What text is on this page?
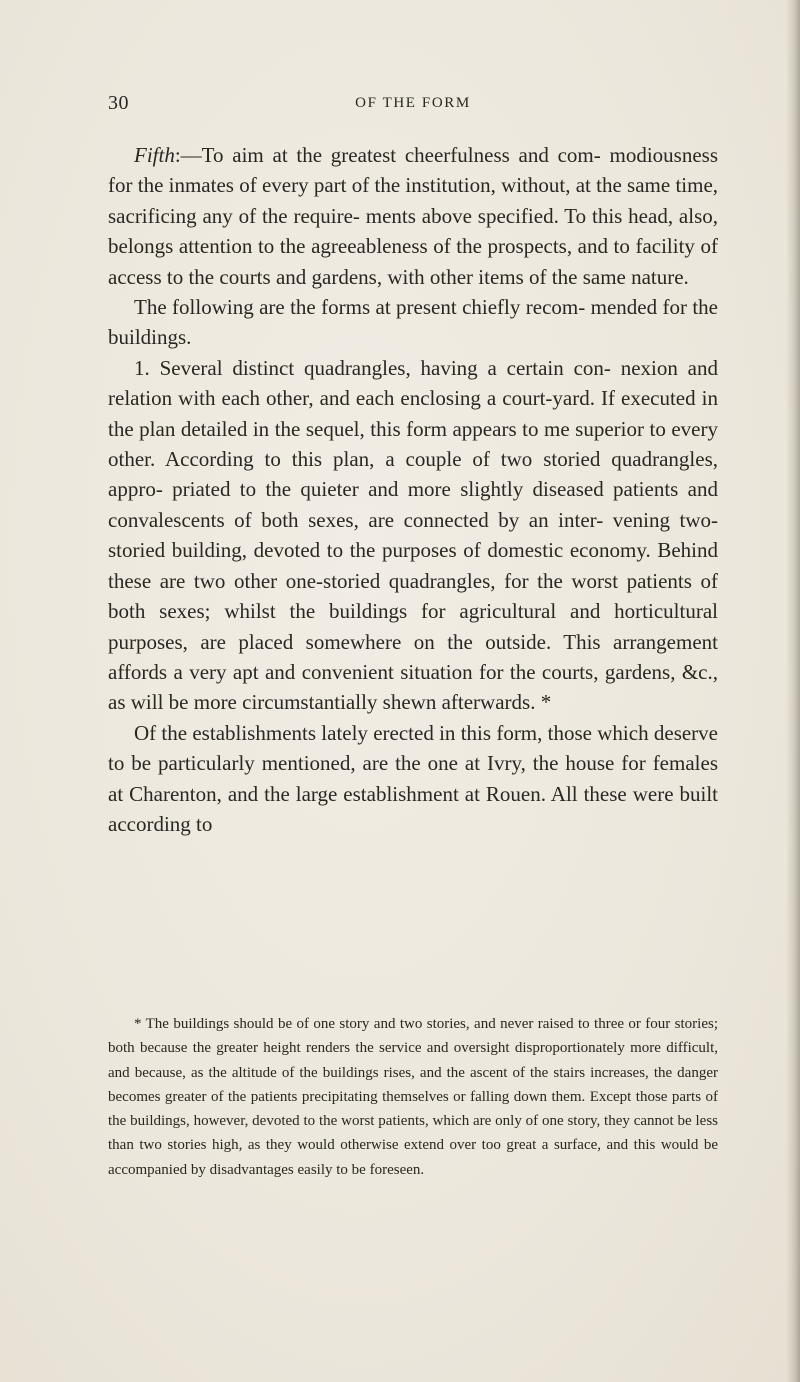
30	OF THE FORM

Fifth:—To aim at the greatest cheerfulness and com- modiousness for the inmates of every part of the institution, without, at the same time, sacrificing any of the require- ments above specified. To this head, also, belongs attention to the agreeableness of the prospects, and to facility of access to the courts and gardens, with other items of the same nature.

The following are the forms at present chiefly recom- mended for the buildings.

1. Several distinct quadrangles, having a certain con- nexion and relation with each other, and each enclosing a court-yard. If executed in the plan detailed in the sequel, this form appears to me superior to every other. According to this plan, a couple of two storied quadrangles, appro- priated to the quieter and more slightly diseased patients and convalescents of both sexes, are connected by an inter- vening two-storied building, devoted to the purposes of domestic economy. Behind these are two other one-storied quadrangles, for the worst patients of both sexes; whilst the buildings for agricultural and horticultural purposes, are placed somewhere on the outside. This arrangement affords a very apt and convenient situation for the courts, gardens, &c., as will be more circumstantially shewn afterwards. *

Of the establishments lately erected in this form, those which deserve to be particularly mentioned, are the one at Ivry, the house for females at Charenton, and the large establishment at Rouen. All these were built according to

* The buildings should be of one story and two stories, and never raised to three or four stories; both because the greater height renders the service and oversight disproportionately more difficult, and because, as the altitude of the buildings rises, and the ascent of the stairs increases, the danger becomes greater of the patients precipitating themselves or falling down them. Except those parts of the buildings, however, devoted to the worst patients, which are only of one story, they cannot be less than two stories high, as they would otherwise extend over too great a surface, and this would be accompanied by disadvantages easily to be foreseen.
